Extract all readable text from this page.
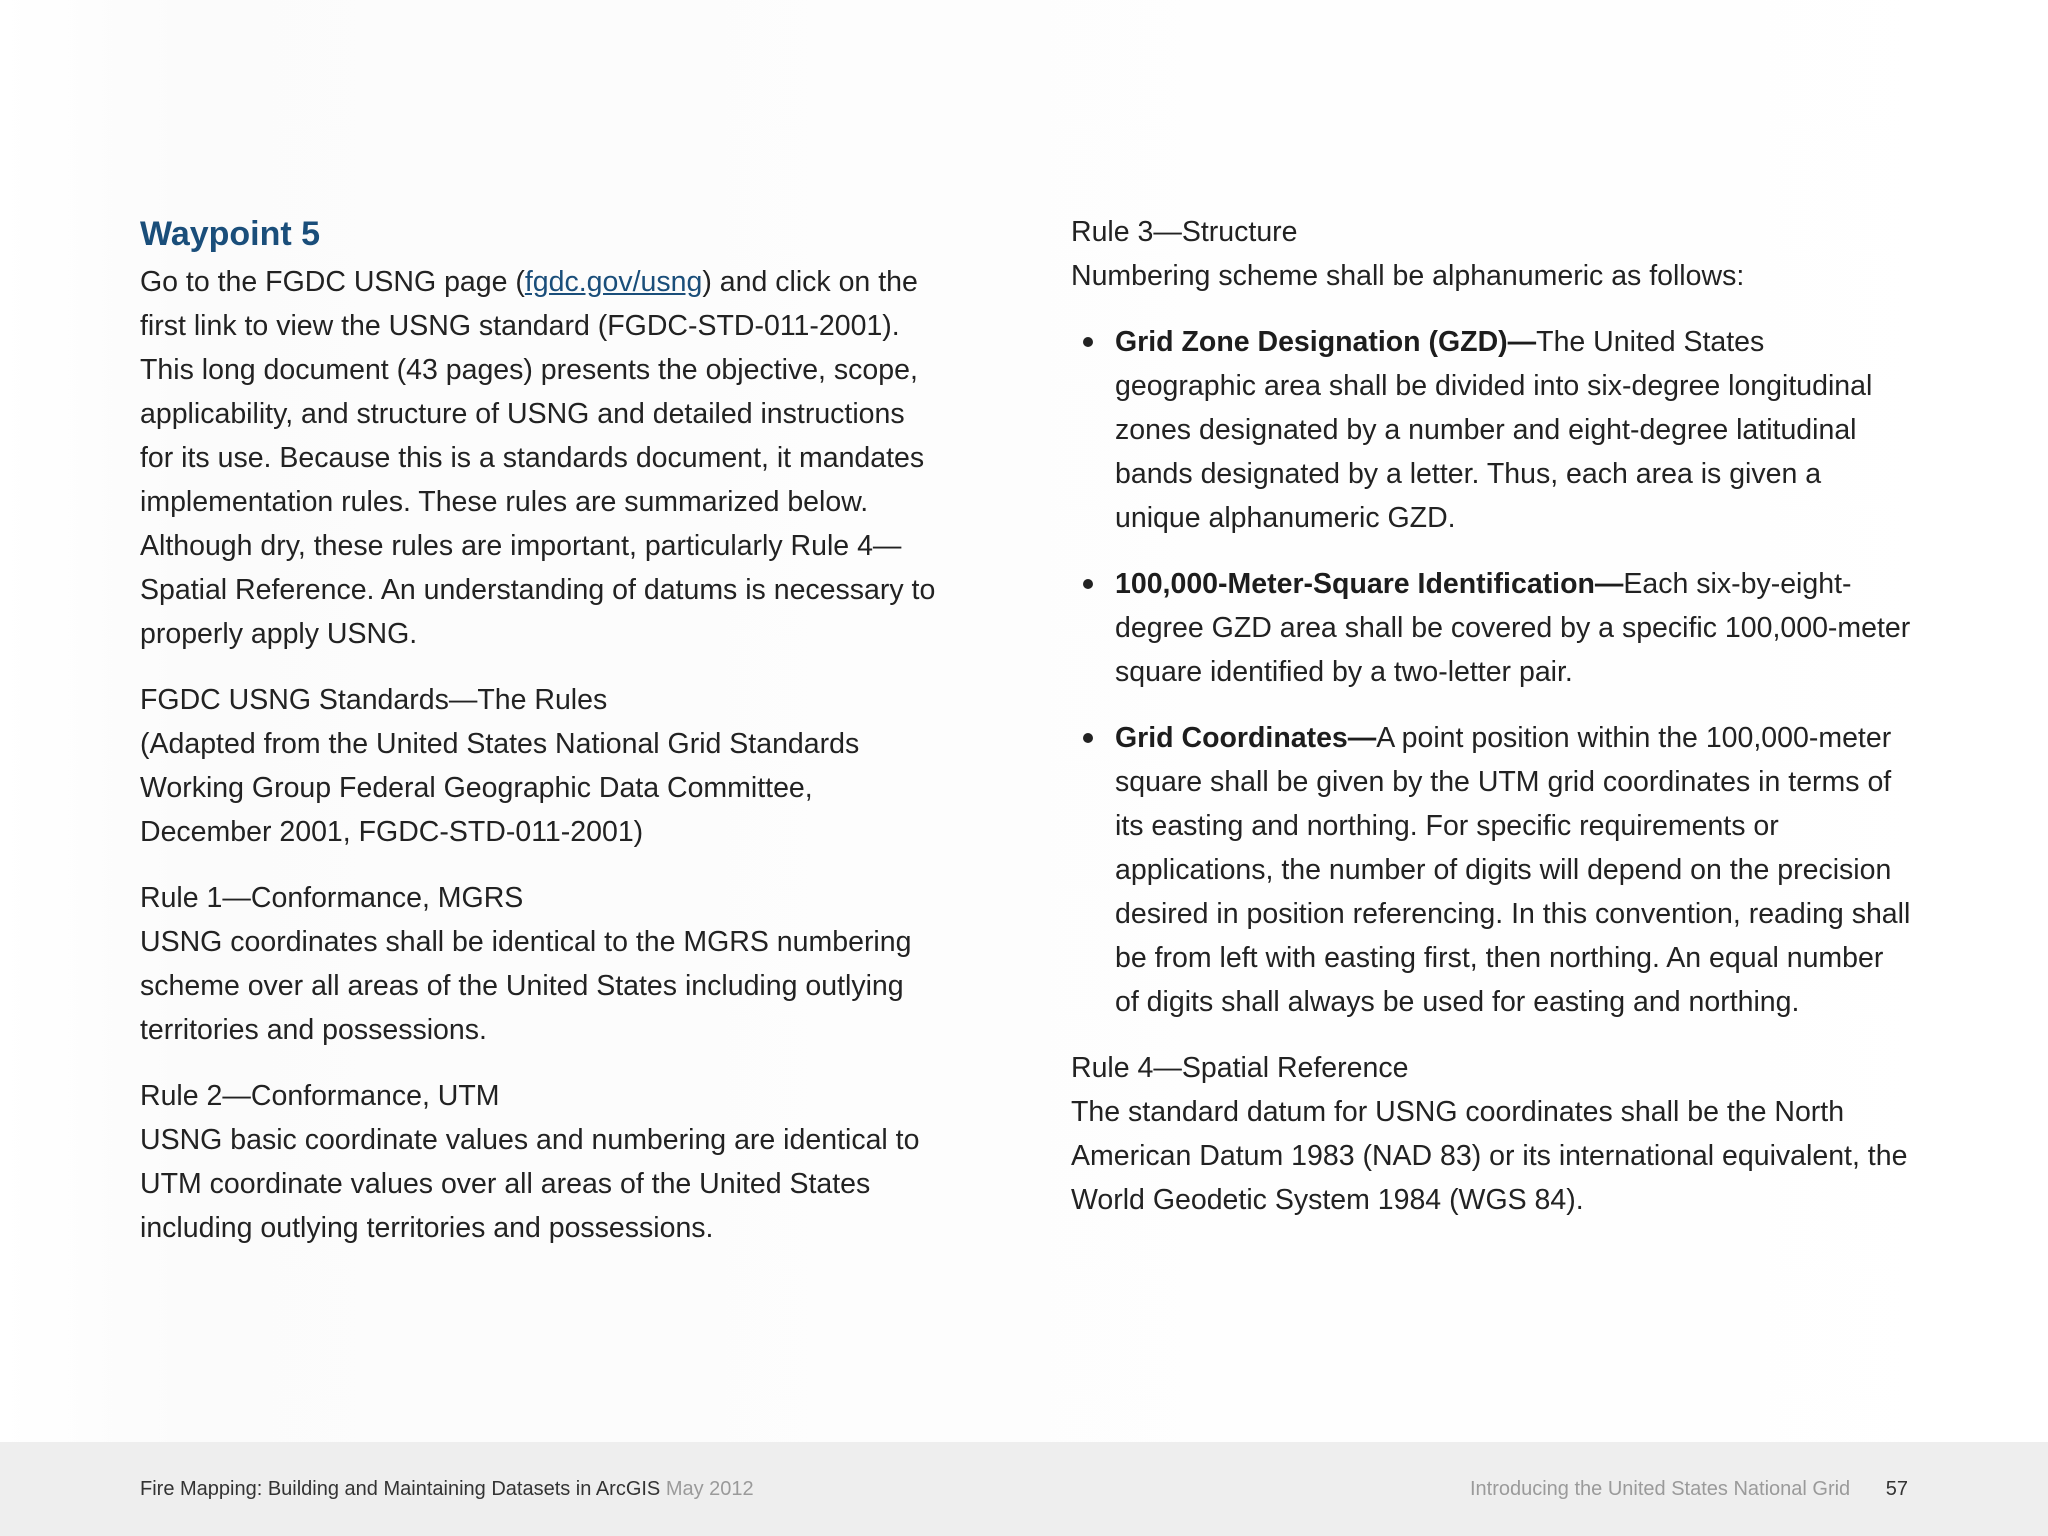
Waypoint 5

Go to the FGDC USNG page (fgdc.gov/usng) and click on the first link to view the USNG standard (FGDC-STD-011-2001). This long document (43 pages) presents the objective, scope, applicability, and structure of USNG and detailed instructions for its use. Because this is a standards document, it mandates implementation rules. These rules are summarized below. Although dry, these rules are important, particularly Rule 4—Spatial Reference. An understanding of datums is necessary to properly apply USNG.

FGDC USNG Standards—The Rules
(Adapted from the United States National Grid Standards Working Group Federal Geographic Data Committee, December 2001, FGDC-STD-011-2001)

Rule 1—Conformance, MGRS
USNG coordinates shall be identical to the MGRS numbering scheme over all areas of the United States including outlying territories and possessions.

Rule 2—Conformance, UTM
USNG basic coordinate values and numbering are identical to UTM coordinate values over all areas of the United States including outlying territories and possessions.

Rule 3—Structure
Numbering scheme shall be alphanumeric as follows:
Grid Zone Designation (GZD)—The United States geographic area shall be divided into six-degree longitudinal zones designated by a number and eight-degree latitudinal bands designated by a letter. Thus, each area is given a unique alphanumeric GZD.
100,000-Meter-Square Identification—Each six-by-eight-degree GZD area shall be covered by a specific 100,000-meter square identified by a two-letter pair.
Grid Coordinates—A point position within the 100,000-meter square shall be given by the UTM grid coordinates in terms of its easting and northing. For specific requirements or applications, the number of digits will depend on the precision desired in position referencing. In this convention, reading shall be from left with easting first, then northing. An equal number of digits shall always be used for easting and northing.
Rule 4—Spatial Reference
The standard datum for USNG coordinates shall be the North American Datum 1983 (NAD 83) or its international equivalent, the World Geodetic System 1984 (WGS 84).
Fire Mapping: Building and Maintaining Datasets in ArcGIS May 2012	Introducing the United States National Grid 57
